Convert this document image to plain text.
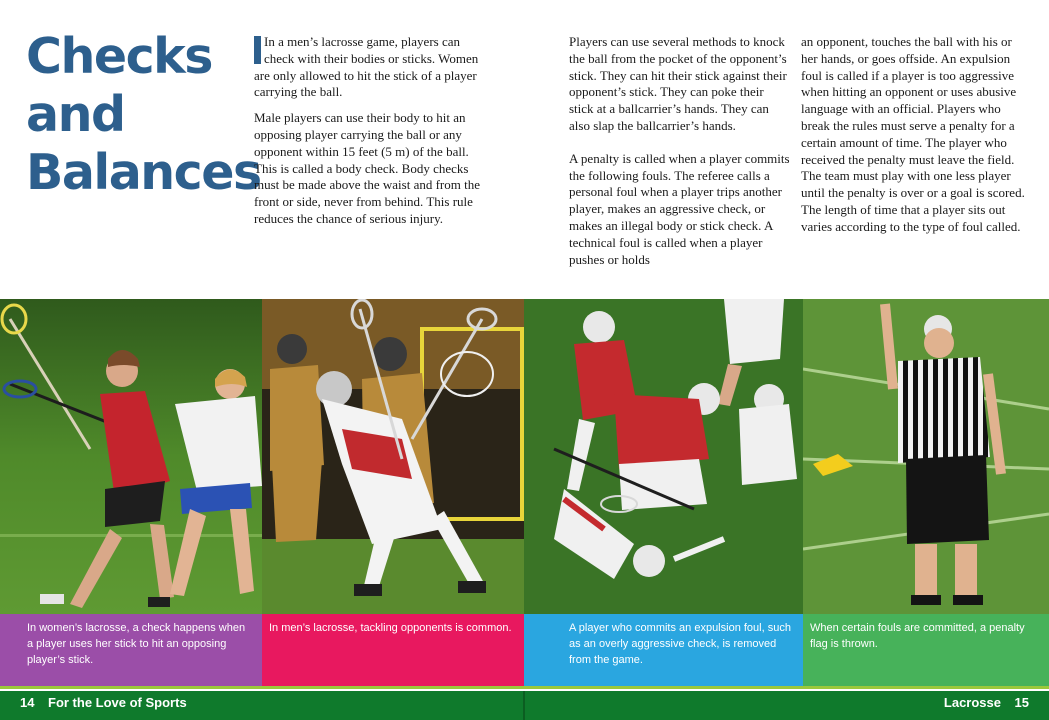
Checks
and
Balances

In a men’s lacrosse game, players can check with their bodies or sticks. Women are only allowed to hit the stick of a player carrying the ball.

Male players can use their body to hit an opposing player carrying the ball or any opponent within 15 feet (5 m) of the ball. This is called a body check. Body checks must be made above the waist and from the front or side, never from behind. This rule reduces the chance of serious injury.

Players can use several methods to knock the ball from the pocket of the opponent’s stick. They can hit their stick against their opponent’s stick. They can poke their stick at a ballcarrier’s hands. They can also slap the ballcarrier’s hands.

A penalty is called when a player commits the following fouls. The referee calls a personal foul when a player trips another player, makes an aggressive check, or makes an illegal body or stick check. A technical foul is called when a player pushes or holds

an opponent, touches the ball with his or her hands, or goes offside. An expulsion foul is called if a player is too aggressive when hitting an opponent or uses abusive language with an official. Players who break the rules must serve a penalty for a certain amount of time. The player who received the penalty must leave the field. The team must play with one less player until the penalty is over or a goal is scored. The length of time that a player sits out varies according to the type of foul called.

In women’s lacrosse, a check happens when a player uses her stick to hit an opposing player’s stick.
In men’s lacrosse, tackling opponents is common.	A player who commits an expulsion foul, such as an overly aggressive check, is removed from the game.
When certain fouls are committed, a penalty flag is thrown.
14 For the Love of Sports	Lacrosse 15
